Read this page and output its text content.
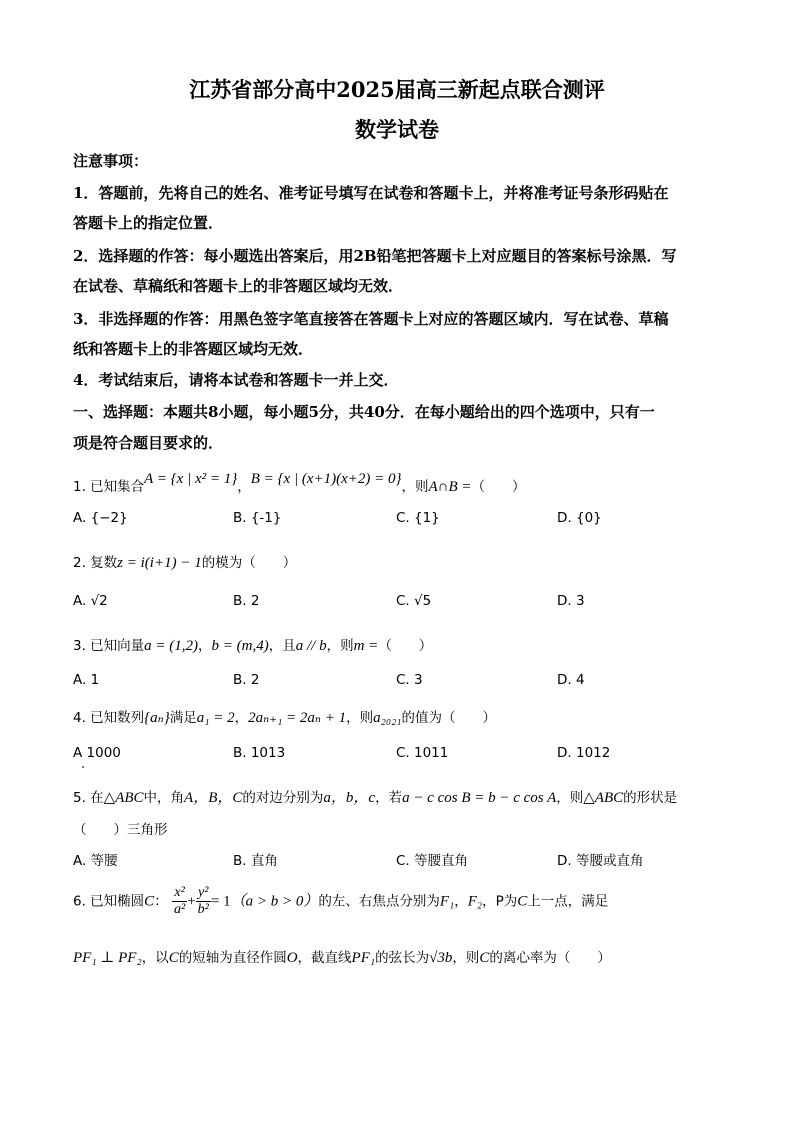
江苏省部分高中2025届高三新起点联合测评
数学试卷
注意事项：
1．答题前，先将自己的姓名、准考证号填写在试卷和答题卡上，并将准考证号条形码贴在
答题卡上的指定位置．
2．选择题的作答：每小题选出答案后，用2B铅笔把答题卡上对应题目的答案标号涂黑．写
在试卷、草稿纸和答题卡上的非答题区域均无效．
3．非选择题的作答：用黑色签字笔直接答在答题卡上对应的答题区域内．写在试卷、草稿
纸和答题卡上的非答题区域均无效．
4．考试结束后，请将本试卷和答题卡一并上交．
一、选择题：本题共8小题，每小题5分，共40分．在每小题给出的四个选项中，只有一
项是符合题目要求的．
1. 已知集合A = {x | x² = 1}，B = {x | (x+1)(x+2) = 0}，则A∩B =（　　）
A. {−2}	B. {-1}	C. {1}	D. {0}
2. 复数z = i(i+1) − 1的模为（　　）
A. √2	B. 2	C. √5	D. 3
3. 已知向量a = (1,2)，b = (m,4)，且a // b，则m =（　　）
A. 1	B. 2	C. 3	D. 4
4. 已知数列{aₙ}满足a₁ = 2，2aₙ₊₁ = 2aₙ + 1，则a₂₀₂₁的值为（　　）
A 1000	B. 1013	C. 1011	D. 1012
5. 在△ABC中，角A，B，C的对边分别为a，b，c，若a − c cos B = b − c cos A，则△ABC的形状是
（　　）三角形
A. 等腰	B. 直角	C. 等腰直角	D. 等腰或直角
6. 已知椭圆C： $\frac{\text{x²}}{\text{a²}} + \frac{\text{y²}}{\text{b²}} = 1(a > b > 0)$的左、右焦点分别为F₁，F₂，P为C上一点，满足
PF₁ ⊥ PF₂，以C的短轴为直径作圆O，截直线PF₁的弦长为√3b，则C的离心率为（　　）
